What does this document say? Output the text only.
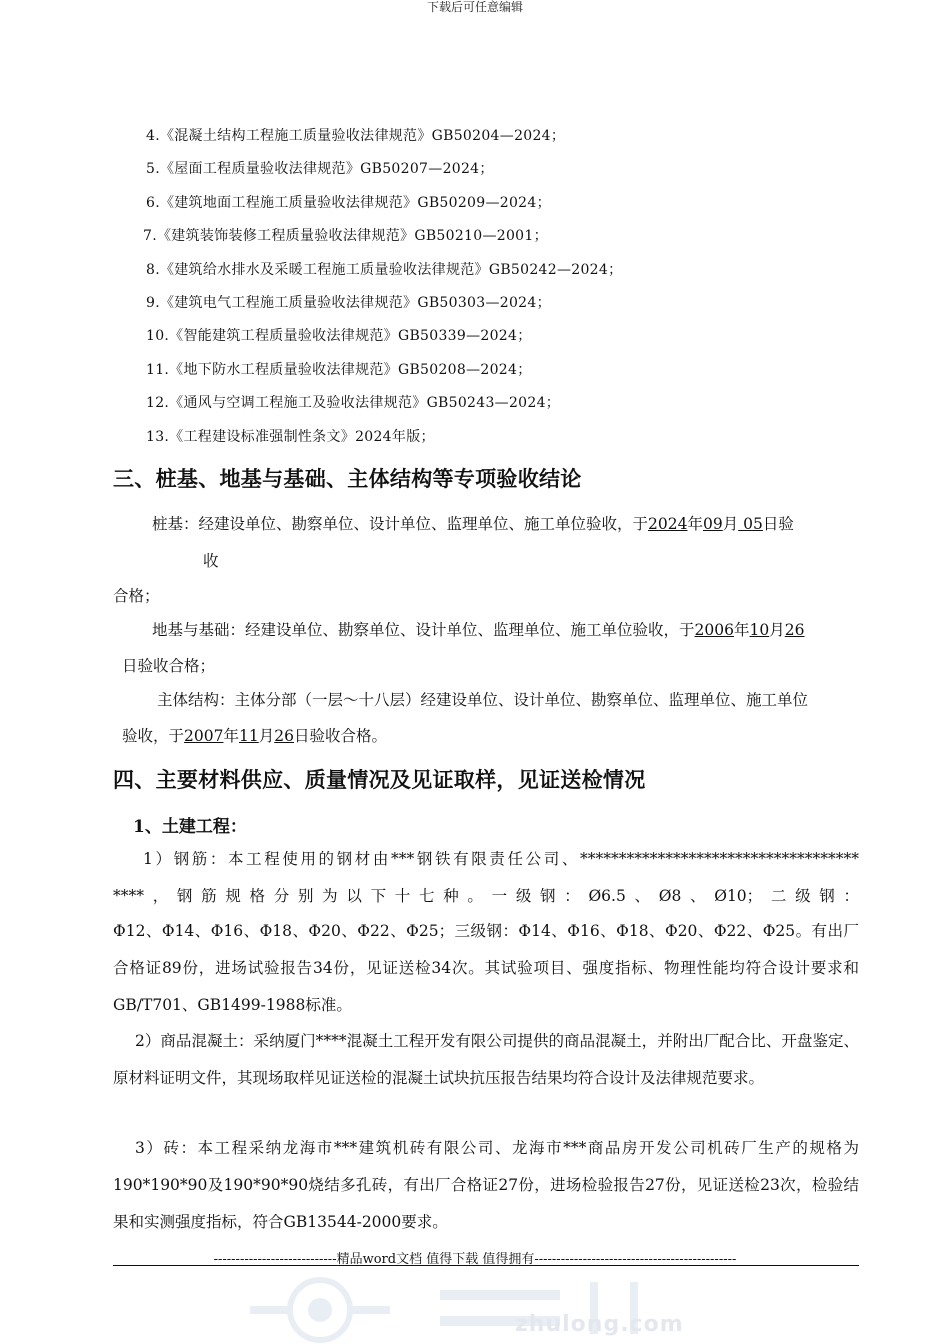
下载后可任意编辑
4.《混凝土结构工程施工质量验收法律规范》GB50204—2024；
5.《屋面工程质量验收法律规范》GB50207—2024；
6.《建筑地面工程施工质量验收法律规范》GB50209—2024；
7.《建筑装饰装修工程质量验收法律规范》GB50210—2001；
8.《建筑给水排水及采暖工程施工质量验收法律规范》GB50242—2024；
9.《建筑电气工程施工质量验收法律规范》GB50303—2024；
10.《智能建筑工程质量验收法律规范》GB50339—2024；
11.《地下防水工程质量验收法律规范》GB50208—2024；
12.《通风与空调工程施工及验收法律规范》GB50243—2024；
13.《工程建设标准强制性条文》2024年版；
三、桩基、地基与基础、主体结构等专项验收结论

桩基：经建设单位、勘察单位、设计单位、监理单位、施工单位验收，于2024年09月 05日验

收

合格；

地基与基础：经建设单位、勘察单位、设计单位、监理单位、施工单位验收，于2006年10月26

日验收合格；

主体结构：主体分部（一层～十八层）经建设单位、设计单位、勘察单位、监理单位、施工单位

验收，于2007年11月26日验收合格。

四、主要材料供应、质量情况及见证取样，见证送检情况
1、土建工程：

1）钢筋：本工程使用的钢材由***钢铁有限责任公司、************************************

****，钢筋规格分别为以下十七种。一级钢：Ø6.5、Ø8、Ø10；二级钢：

Φ12、Φ14、Φ16、Φ18、Φ20、Φ22、Φ25；三级钢：Φ14、Φ16、Φ18、Φ20、Φ22、Φ25。有出厂合格证89份，进场试验报告34份，见证送检34次。其试验项目、强度指标、物理性能均符合设计要求和GB/T701、GB1499-1988标准。

2）商品混凝土：采纳厦门****混凝土工程开发有限公司提供的商品混凝土，并附出厂配合比、开盘鉴定、原材料证明文件，其现场取样见证送检的混凝土试块抗压报告结果均符合设计及法律规范要求。

3）砖：本工程采纳龙海市***建筑机砖有限公司、龙海市***商品房开发公司机砖厂生产的规格为190*190*90及190*90*90烧结多孔砖，有出厂合格证27份，进场检验报告27份，见证送检23次，检验结果和实测强度指标，符合GB13544-2000要求。

----------------------------精品word文档 值得下载 值得拥有----------------------------------------------
zhulong.com
